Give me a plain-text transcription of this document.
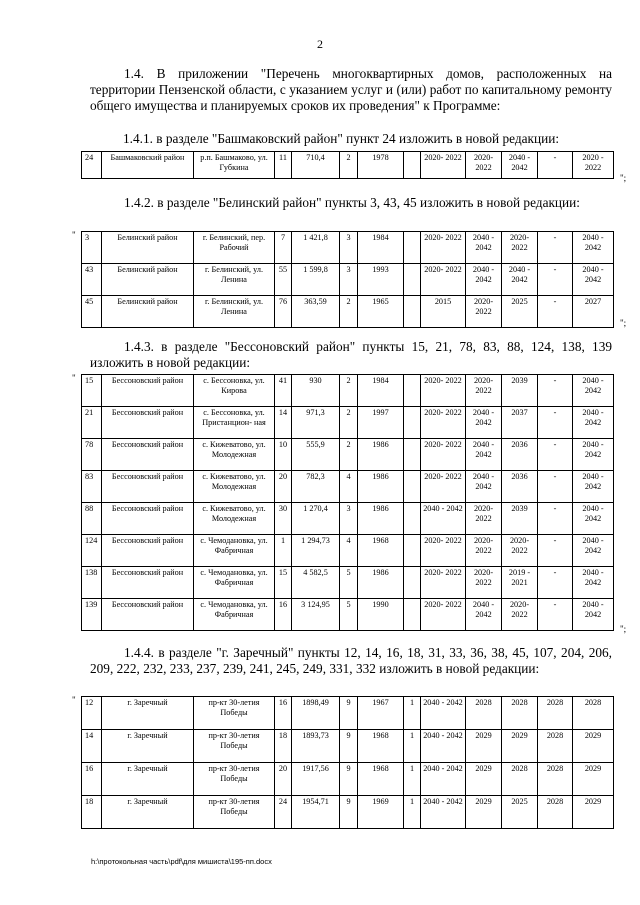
2
1.4. В приложении "Перечень многоквартирных домов, расположенных на территории Пензенской области, с указанием услуг и (или) работ по капитальному ремонту общего имущества и планируемых сроков их проведения" к Программе:
1.4.1. в разделе "Башмаковский район" пункт 24 изложить в новой редакции:
24	Башмаковский район	р.п. Башмаково, ул. Губкина	11	710,4	2	1978		2020- 2022	2020- 2022	2040 - 2042	-	2020 - 2022
";
1.4.2. в разделе "Белинский район" пункты 3, 43, 45 изложить в новой редакции:
" 3	Белинский район	г. Белинский, пер. Рабочий	7	1 421,8	3	1984		2020- 2022	2040 - 2042	2020- 2022	-	2040 - 2042
43	Белинский район	г. Белинский, ул. Ленина	55	1 599,8	3	1993		2020- 2022	2040 - 2042	2040 - 2042	-	2040 - 2042
45	Белинский район	г. Белинский, ул. Ленина	76	363,59	2	1965		2015	2020- 2022	2025	-	2027
";
1.4.3. в разделе "Бессоновский район" пункты 15, 21, 78, 83, 88, 124, 138, 139 изложить в новой редакции:
" 15	Бессоновский район	с. Бессоновка, ул. Кирова	41	930	2	1984		2020- 2022	2020- 2022	2039	-	2040 - 2042
21	Бессоновский район	с. Бессоновка, ул. Пристанцион- ная	14	971,3	2	1997		2020- 2022	2040 - 2042	2037	-	2040 - 2042
78	Бессоновский район	с. Кижеватово, ул. Молодежная	10	555,9	2	1986		2020- 2022	2040 - 2042	2036	-	2040 - 2042
83	Бессоновский район	с. Кижеватово, ул. Молодежная	20	782,3	4	1986		2020- 2022	2040 - 2042	2036	-	2040 - 2042
88	Бессоновский район	с. Кижеватово, ул. Молодежная	30	1 270,4	3	1986		2040 - 2042	2020- 2022	2039	-	2040 - 2042
124	Бессоновский район	с. Чемодановка, ул. Фабричная	1	1 294,73	4	1968		2020- 2022	2020- 2022	2020- 2022	-	2040 - 2042
138	Бессоновский район	с. Чемодановка, ул. Фабричная	15	4 582,5	5	1986		2020- 2022	2020- 2022	2019 - 2021	-	2040 - 2042
139	Бессоновский район	с. Чемодановка, ул. Фабричная	16	3 124,95	5	1990		2020- 2022	2040 - 2042	2020- 2022	-	2040 - 2042
";
1.4.4. в разделе "г. Заречный" пункты 12, 14, 16, 18, 31, 33, 36, 38, 45, 107, 204, 206, 209, 222, 232, 233, 237, 239, 241, 245, 249, 331, 332 изложить в новой редакции:
" 12	г. Заречный	пр-кт 30-летия Победы	16	1898,49	9	1967	1	2040 - 2042	2028	2028	2028	2028
14	г. Заречный	пр-кт 30-летия Победы	18	1893,73	9	1968	1	2040 - 2042	2029	2029	2028	2029
16	г. Заречный	пр-кт 30-летия Победы	20	1917,56	9	1968	1	2040 - 2042	2029	2028	2028	2029
18	г. Заречный	пр-кт 30-летия Победы	24	1954,71	9	1969	1	2040 - 2042	2029	2025	2028	2029
h:\протокольная часть\pdf\для мишиста\195-пп.docx
